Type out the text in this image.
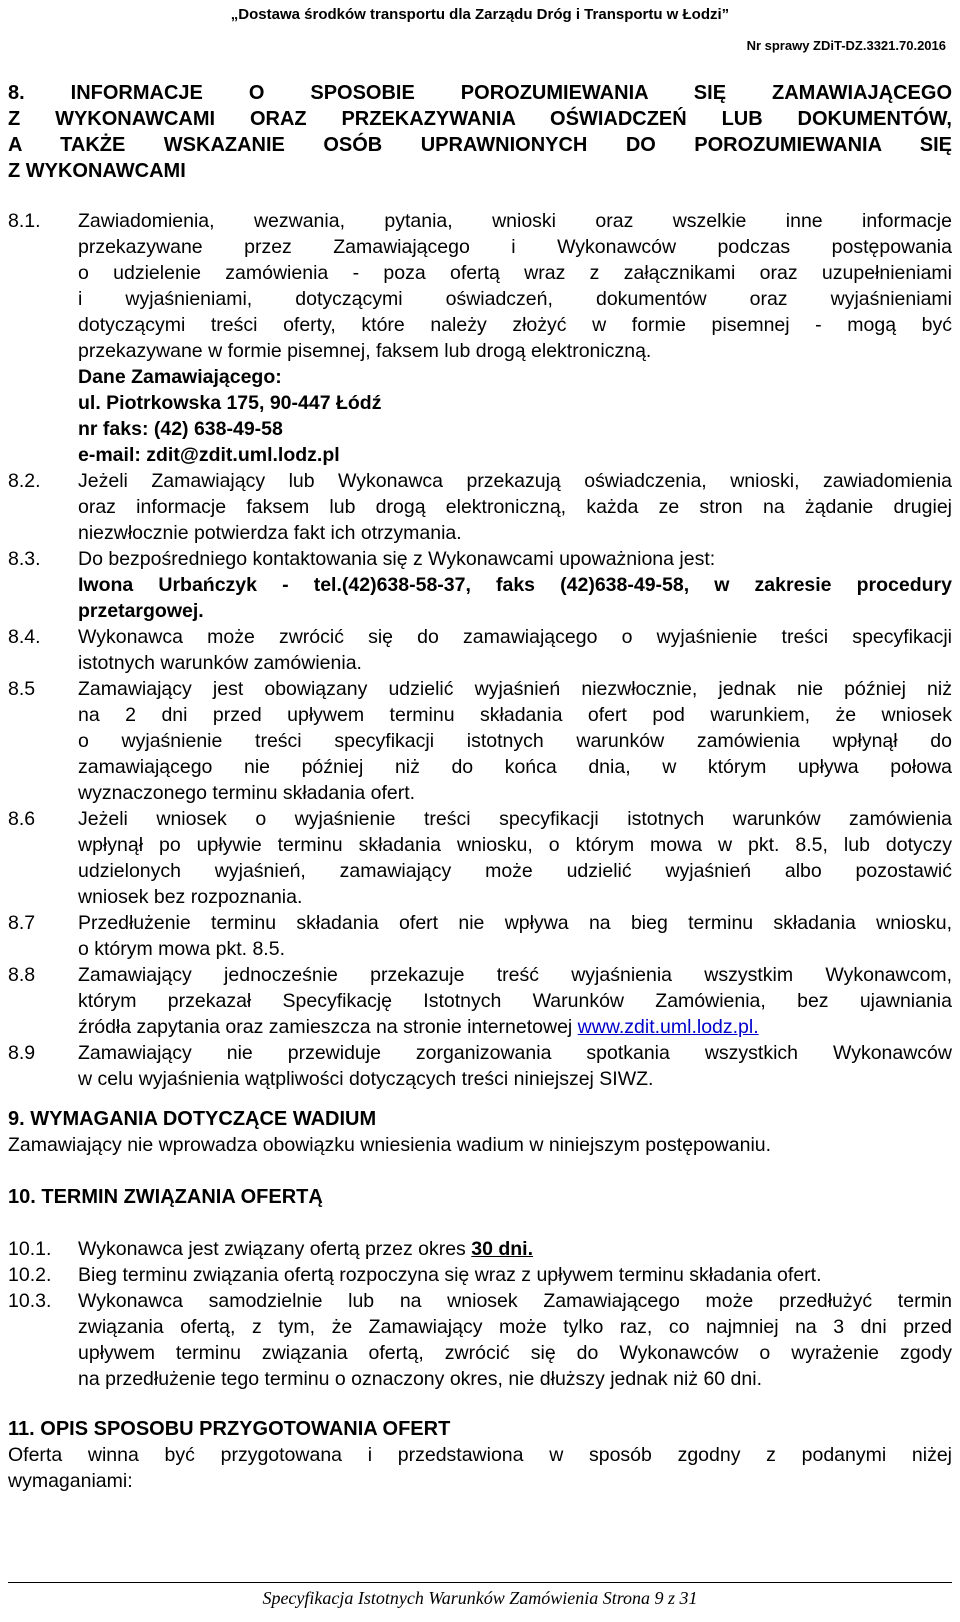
„Dostawa środków transportu dla Zarządu Dróg i Transportu w Łodzi”
Nr sprawy ZDiT-DZ.3321.70.2016
8. INFORMACJE O SPOSOBIE POROZUMIEWANIA SIĘ ZAMAWIAJĄCEGO
Z WYKONAWCAMI ORAZ PRZEKAZYWANIA OŚWIADCZEŃ LUB DOKUMENTÓW,
A TAKŻE WSKAZANIE OSÓB UPRAWNIONYCH DO POROZUMIEWANIA SIĘ
Z WYKONAWCAMI
8.1. Zawiadomienia, wezwania, pytania, wnioski oraz wszelkie inne informacje
przekazywane przez Zamawiającego i Wykonawców podczas postępowania
o udzielenie zamówienia - poza ofertą wraz z załącznikami oraz uzupełnieniami
i wyjaśnieniami, dotyczącymi oświadczeń, dokumentów oraz wyjaśnieniami
dotyczącymi treści oferty, które należy złożyć w formie pisemnej - mogą być
przekazywane w formie pisemnej, faksem lub drogą elektroniczną.
Dane Zamawiającego:
ul. Piotrkowska 175, 90-447 Łódź
nr faks: (42) 638-49-58
e-mail: zdit@zdit.uml.lodz.pl
8.2. Jeżeli Zamawiający lub Wykonawca przekazują oświadczenia, wnioski, zawiadomienia
oraz informacje faksem lub drogą elektroniczną, każda ze stron na żądanie drugiej
niezwłocznie potwierdza fakt ich otrzymania.
8.3. Do bezpośredniego kontaktowania się z Wykonawcami upoważniona jest:
Iwona Urbańczyk - tel.(42)638-58-37, faks (42)638-49-58, w zakresie procedury
przetargowej.
8.4. Wykonawca może zwrócić się do zamawiającego o wyjaśnienie treści specyfikacji
istotnych warunków zamówienia.
8.5 Zamawiający jest obowiązany udzielić wyjaśnień niezwłocznie, jednak nie później niż
na 2 dni przed upływem terminu składania ofert pod warunkiem, że wniosek
o wyjaśnienie treści specyfikacji istotnych warunków zamówienia wpłynął do
zamawiającego nie później niż do końca dnia, w którym upływa połowa
wyznaczonego terminu składania ofert.
8.6 Jeżeli wniosek o wyjaśnienie treści specyfikacji istotnych warunków zamówienia
wpłynął po upływie terminu składania wniosku, o którym mowa w pkt. 8.5, lub dotyczy
udzielonych wyjaśnień, zamawiający może udzielić wyjaśnień albo pozostawić
wniosek bez rozpoznania.
8.7 Przedłużenie terminu składania ofert nie wpływa na bieg terminu składania wniosku,
o którym mowa pkt. 8.5.
8.8 Zamawiający jednocześnie przekazuje treść wyjaśnienia wszystkim Wykonawcom,
którym przekazał Specyfikację Istotnych Warunków Zamówienia, bez ujawniania
źródła zapytania oraz zamieszcza na stronie internetowej www.zdit.uml.lodz.pl.
8.9 Zamawiający nie przewiduje zorganizowania spotkania wszystkich Wykonawców
w celu wyjaśnienia wątpliwości dotyczących treści niniejszej SIWZ.
9. WYMAGANIA DOTYCZĄCE WADIUM
Zamawiający nie wprowadza obowiązku wniesienia wadium w niniejszym postępowaniu.
10. TERMIN ZWIĄZANIA OFERTĄ
10.1. Wykonawca jest związany ofertą przez okres 30 dni.
10.2. Bieg terminu związania ofertą rozpoczyna się wraz z upływem terminu składania ofert.
10.3. Wykonawca samodzielnie lub na wniosek Zamawiającego może przedłużyć termin
związania ofertą, z tym, że Zamawiający może tylko raz, co najmniej na 3 dni przed
upływem terminu związania ofertą, zwrócić się do Wykonawców o wyrażenie zgody
na przedłużenie tego terminu o oznaczony okres, nie dłuższy jednak niż 60 dni.
11. OPIS SPOSOBU PRZYGOTOWANIA OFERT
Oferta winna być przygotowana i przedstawiona w sposób zgodny z podanymi niżej
wymaganiami:
Specyfikacja Istotnych Warunków Zamówienia Strona 9 z 31
